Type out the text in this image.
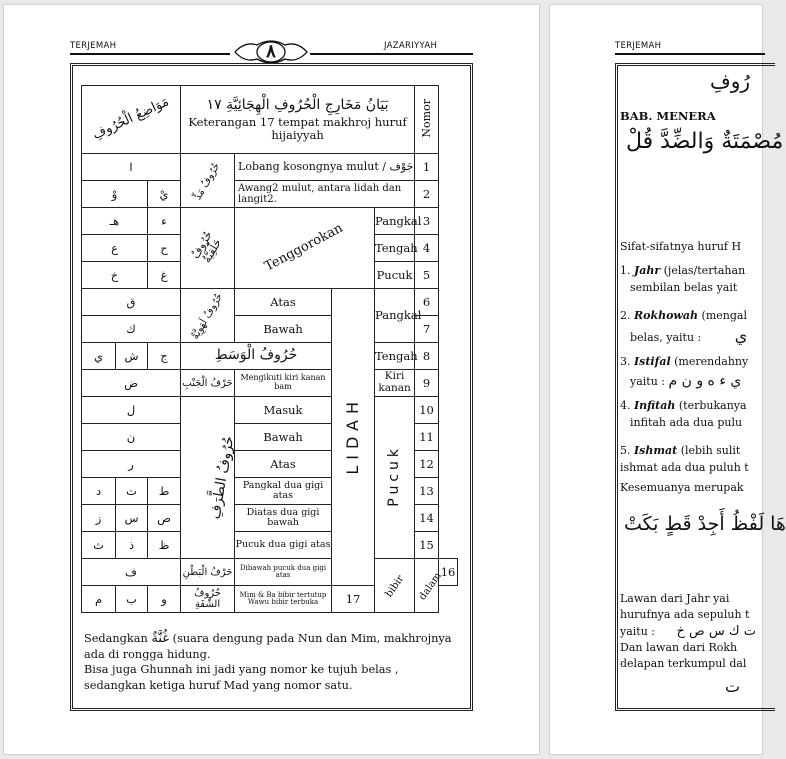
TERJEMAH	JAZARIYYAH
٨
مَوَاضِعُ الْحُرُوفِ			بَيَانُ مَخَارِجِ الْحُرُوفِ الْهِجَائِيَّةِ ١٧
Keterangan 17 tempat makhroj huruf hijaiyyah				Nomor	
ا			حُرُوفُ مَدٍّ	Lobang kosongnya mulut / جَوْف			1	
وْ		يْ		Awang2 mulut, antara lidah dan langit2.			2	
هـ		ء	حُرُوفٌ حَلْقِيَّةٌ	Tenggorokan		Pangkal	3	
ع		ح				Tengah	4	
خ		غ				Pucuk	5	
ق			حُرُوفٌ لَهَوِيَّةٌ	Atas	LIDAH	Pangkal	6	
ك				Bawah			7	
ي	ش	ج	حُرُوفُ الْوَسَطِ			Tengah	8	
ض			حَرْفُ الْجَنْبِ	Mengikuti kiri kanan bam		Kiri kanan	9	
ل			حُرُوفُ الطَّرَفِ	Masuk		Pucuk	10	
ن				Bawah			11	
ر				Atas			12	
د	ت	ط		Pangkal dua gigi atas			13	
ز	س	ص		Diatas dua gigi bawah			14	
ث	ذ	ظ		Pucuk dua gigi atas			15	
ف			حَرْفُ الْبَطْنِ	Dibawah pucuk dua gigi atas		bibir	dalam	16
م	ب	و	حُرُوفُ الشَّفَةِ	Mim & Ba bibir tertutup Wawu bibir terbuka	17			

Sedangkan غُنَّةٌ (suara dengung pada Nun dan Mim, makhrojnya ada di rongga hidung.

Bisa juga Ghunnah ini jadi yang nomor ke tujuh belas ,

sedangkan ketiga huruf Mad yang nomor satu.

TERJEMAH
رُوفِ
BAB. MENERA
مُصْمَتَةٌ وَالضِّدَّ قُلْ
Sifat-sifatnya huruf H
1. Jahr (jelas/tertahan
sembilan belas yait
2. Rokhowah (mengal
belas, yaitu : ي
3. Istifal (merendahny
yaitu : ي ء ه و ن م
4. Infitah (terbukanya
infitah ada dua pulu
5. Ishmat (lebih sulit
ishmat ada dua puluh t
Kesemuanya merupak
هَا لَفْظُ أَجِدْ قَطٍ بَكَتْ
Lawan dari Jahr yai
hurufnya ada sepuluh t
yaitu : ت ك س ص خ
Dan lawan dari Rokh
delapan terkumpul dal
ت
